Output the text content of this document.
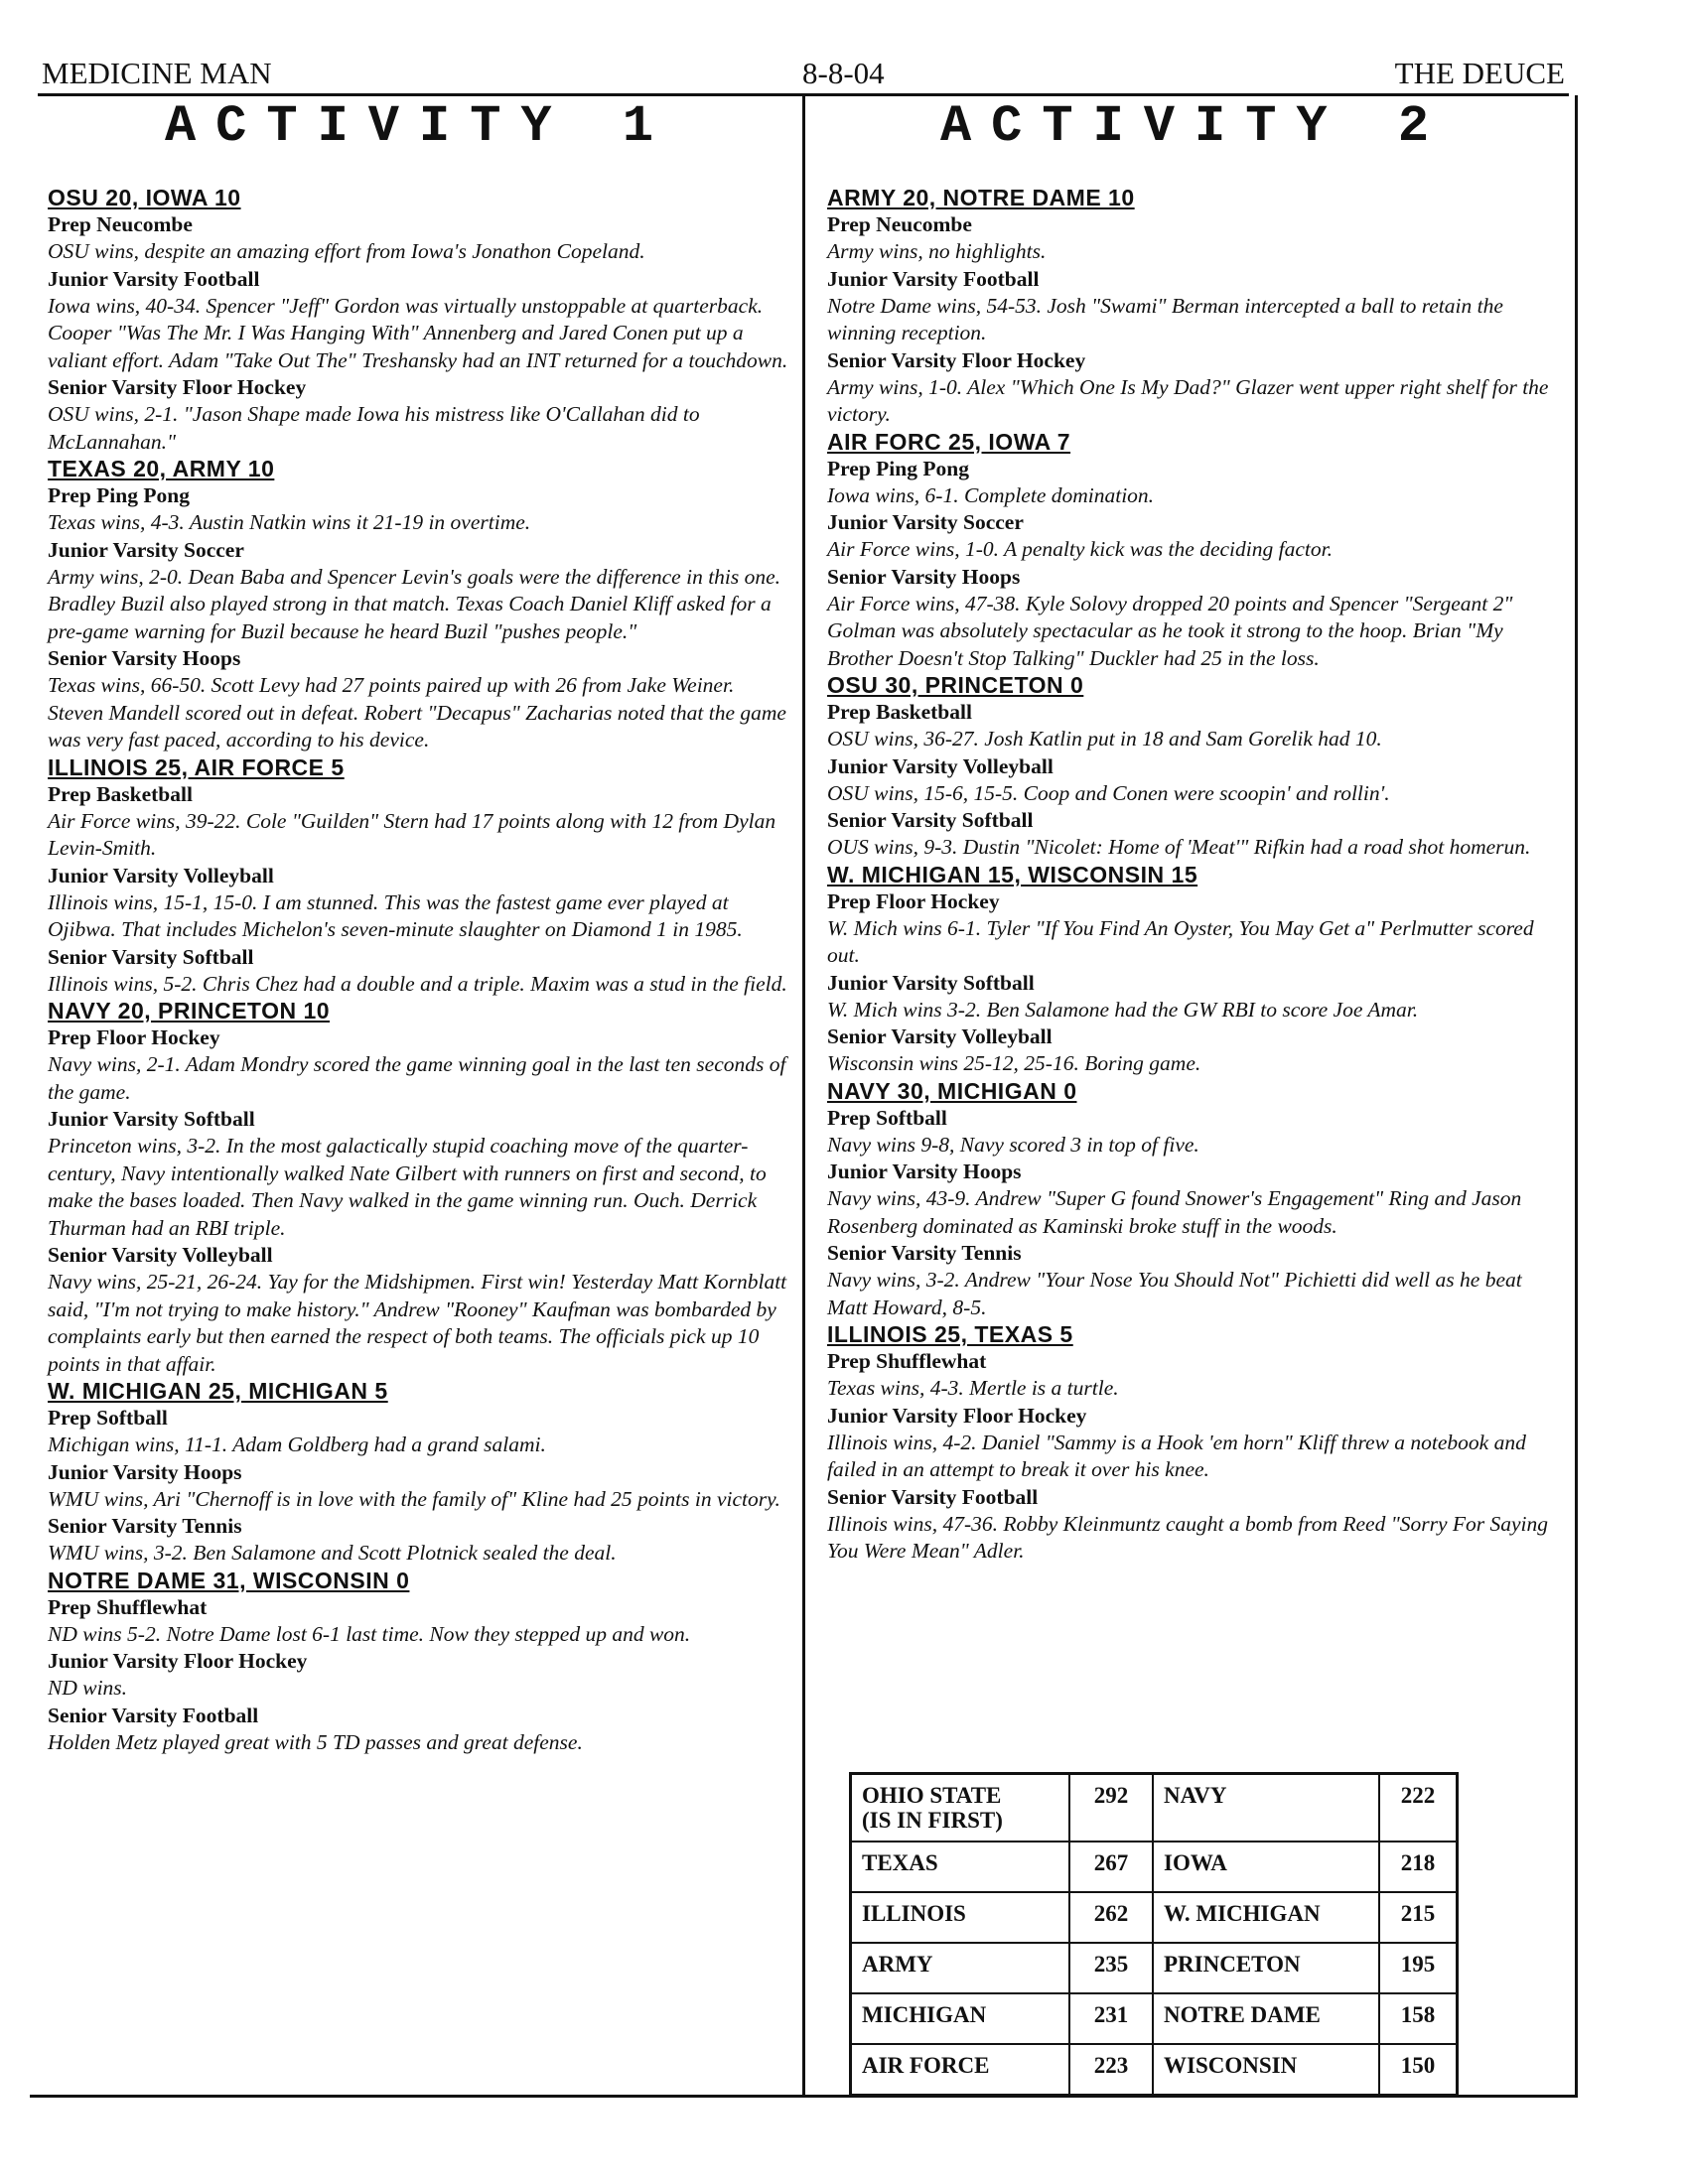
MEDICINE MAN	8-8-04	THE DEUCE
ACTIVITY 1
OSU 20, IOWA 10

Prep Neucombe

OSU wins, despite an amazing effort from Iowa's Jonathon Copeland.

Junior Varsity Football

Iowa wins, 40-34. Spencer "Jeff" Gordon was virtually unstoppable at quarterback. Cooper "Was The Mr. I Was Hanging With" Annenberg and Jared Conen put up a valiant effort. Adam "Take Out The" Treshansky had an INT returned for a touchdown.

Senior Varsity Floor Hockey

OSU wins, 2-1. "Jason Shape made Iowa his mistress like O'Callahan did to McLannahan."

TEXAS 20, ARMY 10

Prep Ping Pong

Texas wins, 4-3. Austin Natkin wins it 21-19 in overtime.

Junior Varsity Soccer

Army wins, 2-0. Dean Baba and Spencer Levin's goals were the difference in this one. Bradley Buzil also played strong in that match. Texas Coach Daniel Kliff asked for a pre-game warning for Buzil because he heard Buzil "pushes people."

Senior Varsity Hoops

Texas wins, 66-50. Scott Levy had 27 points paired up with 26 from Jake Weiner. Steven Mandell scored out in defeat. Robert "Decapus" Zacharias noted that the game was very fast paced, according to his device.

ILLINOIS 25, AIR FORCE 5

Prep Basketball

Air Force wins, 39-22. Cole "Guilden" Stern had 17 points along with 12 from Dylan Levin-Smith.

Junior Varsity Volleyball

Illinois wins, 15-1, 15-0. I am stunned. This was the fastest game ever played at Ojibwa. That includes Michelon's seven-minute slaughter on Diamond 1 in 1985.

Senior Varsity Softball

Illinois wins, 5-2. Chris Chez had a double and a triple. Maxim was a stud in the field.

NAVY 20, PRINCETON 10

Prep Floor Hockey

Navy wins, 2-1. Adam Mondry scored the game winning goal in the last ten seconds of the game.

Junior Varsity Softball

Princeton wins, 3-2. In the most galactically stupid coaching move of the quarter-century, Navy intentionally walked Nate Gilbert with runners on first and second, to make the bases loaded. Then Navy walked in the game winning run. Ouch. Derrick Thurman had an RBI triple.

Senior Varsity Volleyball

Navy wins, 25-21, 26-24. Yay for the Midshipmen. First win! Yesterday Matt Kornblatt said, "I'm not trying to make history." Andrew "Rooney" Kaufman was bombarded by complaints early but then earned the respect of both teams. The officials pick up 10 points in that affair.

W. MICHIGAN 25, MICHIGAN 5

Prep Softball

Michigan wins, 11-1. Adam Goldberg had a grand salami.

Junior Varsity Hoops

WMU wins, Ari "Chernoff is in love with the family of" Kline had 25 points in victory.

Senior Varsity Tennis

WMU wins, 3-2. Ben Salamone and Scott Plotnick sealed the deal.

NOTRE DAME 31, WISCONSIN 0

Prep Shufflewhat

ND wins 5-2. Notre Dame lost 6-1 last time. Now they stepped up and won.

Junior Varsity Floor Hockey

ND wins.

Senior Varsity Football

Holden Metz played great with 5 TD passes and great defense.

ACTIVITY 2
ARMY 20, NOTRE DAME 10

Prep Neucombe

Army wins, no highlights.

Junior Varsity Football

Notre Dame wins, 54-53. Josh "Swami" Berman intercepted a ball to retain the winning reception.

Senior Varsity Floor Hockey

Army wins, 1-0. Alex "Which One Is My Dad?" Glazer went upper right shelf for the victory.

AIR FORC 25, IOWA 7

Prep Ping Pong

Iowa wins, 6-1. Complete domination.

Junior Varsity Soccer

Air Force wins, 1-0. A penalty kick was the deciding factor.

Senior Varsity Hoops

Air Force wins, 47-38. Kyle Solovy dropped 20 points and Spencer "Sergeant 2" Golman was absolutely spectacular as he took it strong to the hoop. Brian "My Brother Doesn't Stop Talking" Duckler had 25 in the loss.

OSU 30, PRINCETON 0

Prep Basketball

OSU wins, 36-27. Josh Katlin put in 18 and Sam Gorelik had 10.

Junior Varsity Volleyball

OSU wins, 15-6, 15-5. Coop and Conen were scoopin' and rollin'.

Senior Varsity Softball

OUS wins, 9-3. Dustin "Nicolet: Home of 'Meat'" Rifkin had a road shot homerun.

W. MICHIGAN 15, WISCONSIN 15

Prep Floor Hockey

W. Mich wins 6-1. Tyler "If You Find An Oyster, You May Get a" Perlmutter scored out.

Junior Varsity Softball

W. Mich wins 3-2. Ben Salamone had the GW RBI to score Joe Amar.

Senior Varsity Volleyball

Wisconsin wins 25-12, 25-16. Boring game.

NAVY 30, MICHIGAN 0

Prep Softball

Navy wins 9-8, Navy scored 3 in top of five.

Junior Varsity Hoops

Navy wins, 43-9. Andrew "Super G found Snower's Engagement" Ring and Jason Rosenberg dominated as Kaminski broke stuff in the woods.

Senior Varsity Tennis

Navy wins, 3-2. Andrew "Your Nose You Should Not" Pichietti did well as he beat Matt Howard, 8-5.

ILLINOIS 25, TEXAS 5

Prep Shufflewhat

Texas wins, 4-3. Mertle is a turtle.

Junior Varsity Floor Hockey

Illinois wins, 4-2. Daniel "Sammy is a Hook 'em horn" Kliff threw a notebook and failed in an attempt to break it over his knee.

Senior Varsity Football

Illinois wins, 47-36. Robby Kleinmuntz caught a bomb from Reed "Sorry For Saying You Were Mean" Adler.

OHIO STATE
(IS IN FIRST)	292	NAVY	222
TEXAS	267	IOWA	218
ILLINOIS	262	W. MICHIGAN	215
ARMY	235	PRINCETON	195
MICHIGAN	231	NOTRE DAME	158
AIR FORCE	223	WISCONSIN	150
